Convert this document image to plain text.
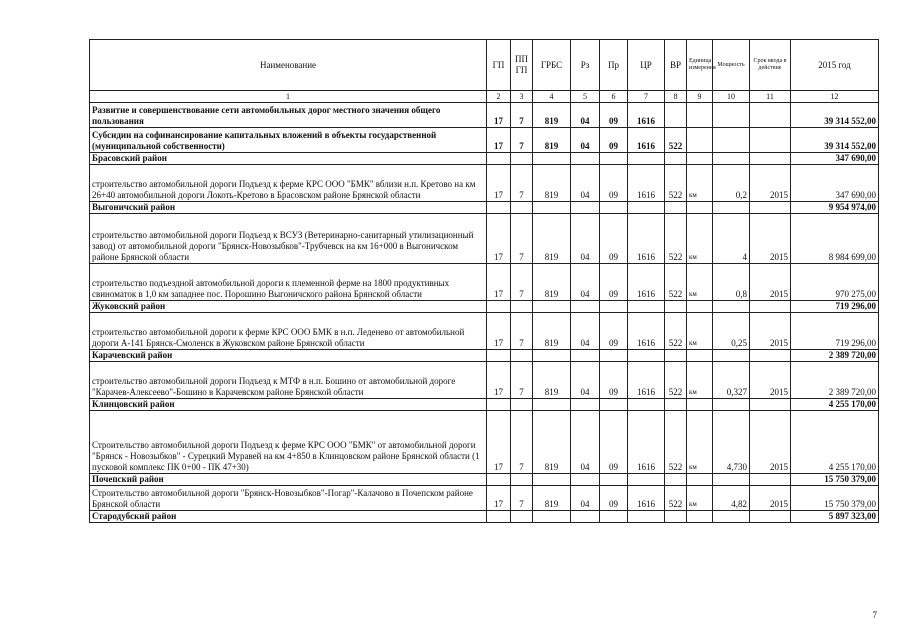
Наименование	ГП	ПП ГП	ГРБС	Рз	Пр	ЦР	ВР	Единица измерения	Мощность	Срок ввода в действие	2015 год
1	2	3	4	5	6	7	8	9	10	11	12
Развитие и совершенствование сети автомобильных дорог местного значения общего пользования	17	7	819	04	09	1616					39 314 552,00
Субсидии на софинансирование капитальных вложений в объекты государственной (муниципальной собственности)	17	7	819	04	09	1616	522				39 314 552,00
Брасовский район											347 690,00
строительство автомобильной дороги Подъезд к ферме КРС ООО "БМК" вблизи н.п. Кретово на км 26+40 автомобильной дороги Локоть-Кретово в Брасовском районе Брянской области	17	7	819	04	09	1616	522	км	0,2	2015	347 690,00
Выгоничский район											9 954 974,00
строительство автомобильной дороги Подъезд к ВСУЗ (Ветеринарно-санитарный утилизационный завод) от автомобильной дороги "Брянск-Новозыбков"-Трубчевск на км 16+000 в Выгоничском районе Брянской области	17	7	819	04	09	1616	522	км	4	2015	8 984 699,00
строительство подъездной автомобильной дороги к племенной ферме на 1800 продуктивных свиноматок в 1,0 км западнее пос. Порошино Выгоничского района Брянской области	17	7	819	04	09	1616	522	км	0,8	2015	970 275,00
Жуковский район											719 296,00
строительство автомобильной дороги к ферме КРС ООО БМК в н.п. Леденево от автомобильной дороги А-141 Брянск-Смоленск в Жуковском районе Брянской области	17	7	819	04	09	1616	522	км	0,25	2015	719 296,00
Карачевский район											2 389 720,00
строительство автомобильной дороги Подъезд к МТФ в н.п. Бошино от автомобильной дороге "Карачев-Алексеево"-Бошино в Карачевском районе Брянской области	17	7	819	04	09	1616	522	км	0,327	2015	2 389 720,00
Клинцовский район											4 255 170,00
Строительство автомобильной дороги Подъезд к ферме КРС ООО "БМК" от автомобильной дороги "Брянск - Новозыбков" - Сурецкий Муравей на км 4+850 в Клинцовском районе Брянской области (1 пусковой комплекс ПК 0+00 - ПК 47+30)	17	7	819	04	09	1616	522	км	4,730	2015	4 255 170,00
Почепский район											15 750 379,00
Строительство автомобильной дороги "Брянск-Новозыбков"-Погар"-Калачово в Почепском районе Брянской области	17	7	819	04	09	1616	522	км	4,82	2015	15 750 379,00
Стародубский район											5 897 323,00
7
